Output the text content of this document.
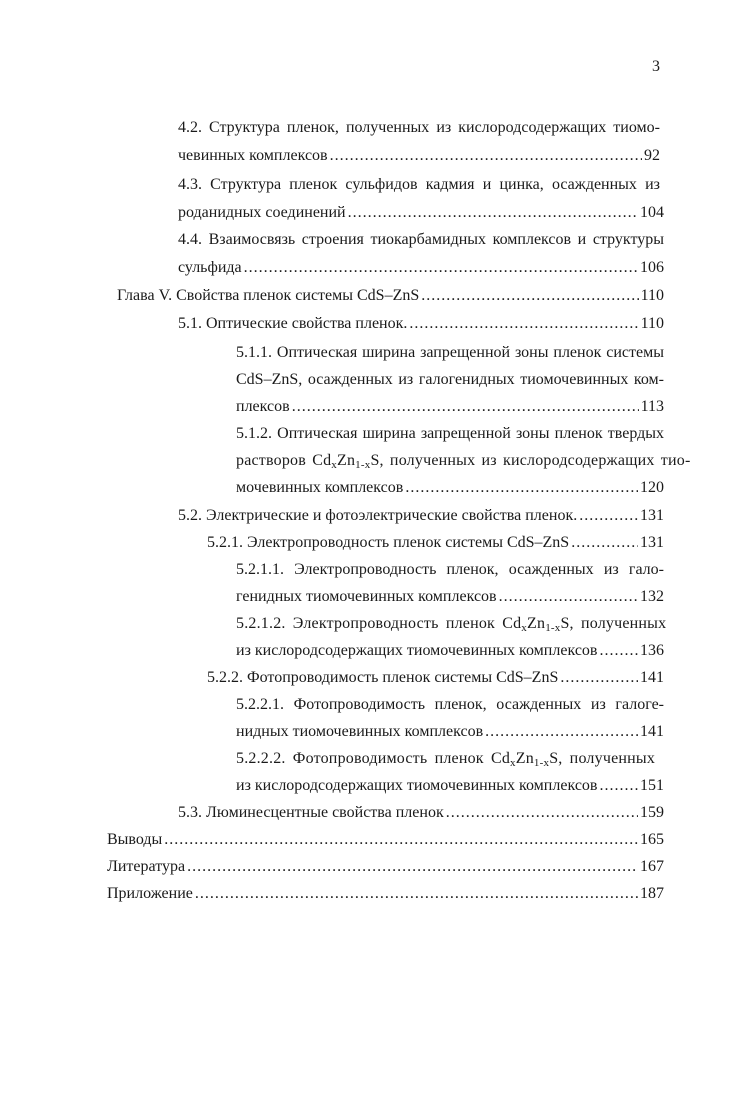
3
4.2. Структура пленок, полученных из кислородсодержащих тиомо-
чевинных комплексов .....	92
4.3. Структура пленок сульфидов кадмия и цинка, осажденных из
роданидных соединений .....	104
4.4. Взаимосвязь строения тиокарбамидных комплексов и структуры
сульфида .....	106
Глава V. Свойства пленок системы CdS–ZnS .....	110
5.1. Оптические свойства пленок. .....	110
5.1.1. Оптическая ширина запрещенной зоны пленок системы
CdS–ZnS, осажденных из галогенидных тиомочевинных ком-
плексов .....	113
5.1.2. Оптическая ширина запрещенной зоны пленок твердых
растворов $Cd_xZn_{1-x}S$, полученных из кислородсодержащих тио-
мочевинных комплексов .....	120
5.2. Электрические и фотоэлектрические свойства пленок. .....	131
5.2.1. Электропроводность пленок системы CdS–ZnS .....	131
5.2.1.1. Электропроводность пленок, осажденных из гало-
генидных тиомочевинных комплексов .....	132
5.2.1.2. Электропроводность пленок $Cd_xZn_{1-x}S$, полученных
из кислородсодержащих тиомочевинных комплексов .....	136
5.2.2. Фотопроводимость пленок системы CdS–ZnS .....	141
5.2.2.1. Фотопроводимость пленок, осажденных из галоге-
нидных тиомочевинных комплексов .....	141
5.2.2.2. Фотопроводимость пленок $Cd_xZn_{1-x}S$, полученных
из кислородсодержащих тиомочевинных комплексов .....	151
5.3. Люминесцентные свойства пленок .....	159
Выводы .....	165
Литература .....	167
Приложение .....	187
